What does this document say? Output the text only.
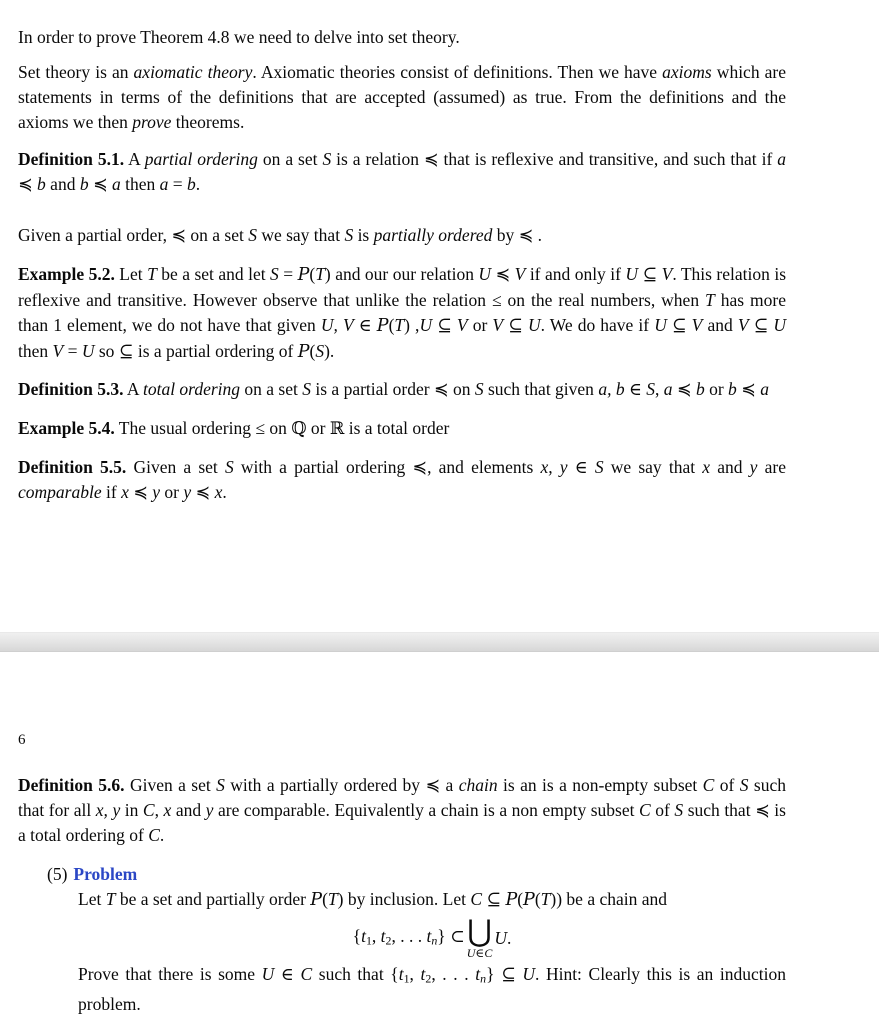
In order to prove Theorem 4.8 we need to delve into set theory.

Set theory is an axiomatic theory. Axiomatic theories consist of definitions. Then we have axioms which are statements in terms of the definitions that are accepted (assumed) as true. From the definitions and the axioms we then prove theorems.

Definition 5.1. A partial ordering on a set S is a relation ≼ that is reflexive and transitive, and such that if a ≼ b and b ≼ a then a = b.

Given a partial order, ≼ on a set S we say that S is partially ordered by ≼ .

Example 5.2. Let T be a set and let S = P(T) and our our relation U ≼ V if and only if U ⊆ V. This relation is reflexive and transitive. However observe that unlike the relation ≤ on the real numbers, when T has more than 1 element, we do not have that given U, V ∈ P(T) ,U ⊆ V or V ⊆ U. We do have if U ⊆ V and V ⊆ U then V = U so ⊆ is a partial ordering of P(S).

Definition 5.3. A total ordering on a set S is a partial order ≼ on S such that given a, b ∈ S, a ≼ b or b ≼ a

Example 5.4. The usual ordering ≤ on ℚ or ℝ is a total order

Definition 5.5. Given a set S with a partial ordering ≼, and elements x, y ∈ S we say that x and y are comparable if x ≼ y or y ≼ x.

6

Definition 5.6. Given a set S with a partially ordered by ≼ a chain is an is a non-empty subset C of S such that for all x, y in C, x and y are comparable. Equivalently a chain is a non empty subset C of S such that ≼ is a total ordering of C.

(5) Problem

Let T be a set and partially order P(T) by inclusion. Let C ⊆ P(P(T)) be a chain and

{$t_1$, $t_2$, . . . $t_n$} ⊂ ⋃
U∈C
U.

Prove that there is some U ∈ C such that {$t_1$, $t_2$, . . . $t_n$} ⊆ U. Hint: Clearly this is an induction problem.
